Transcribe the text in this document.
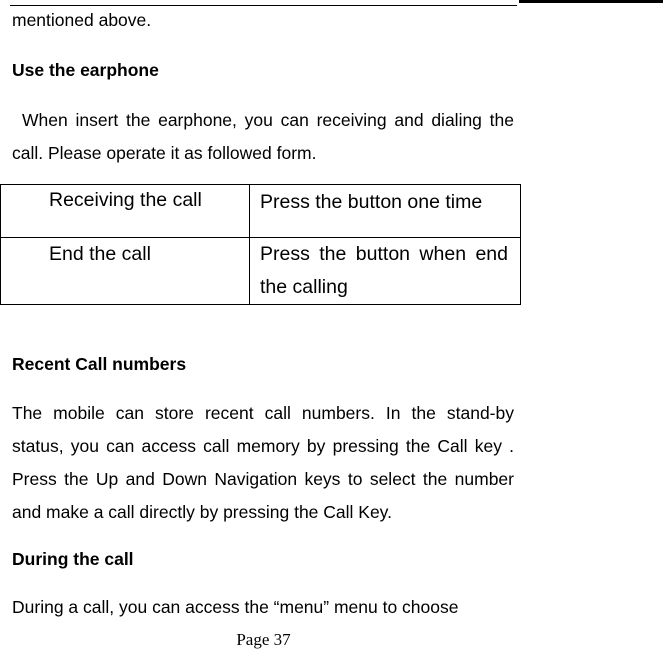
mentioned above.

Use the earphone

When insert the earphone, you can receiving and dialing the call. Please operate it as followed form.

Receiving the call	Press the button one time
End the call	Press the button when end the calling

Recent Call numbers

The mobile can store recent call numbers. In the stand-by status, you can access call memory by pressing the Call key . Press the Up and Down Navigation keys to select the number and make a call directly by pressing the Call Key.

During the call

During a call, you can access the “menu” menu to choose

Page 37
